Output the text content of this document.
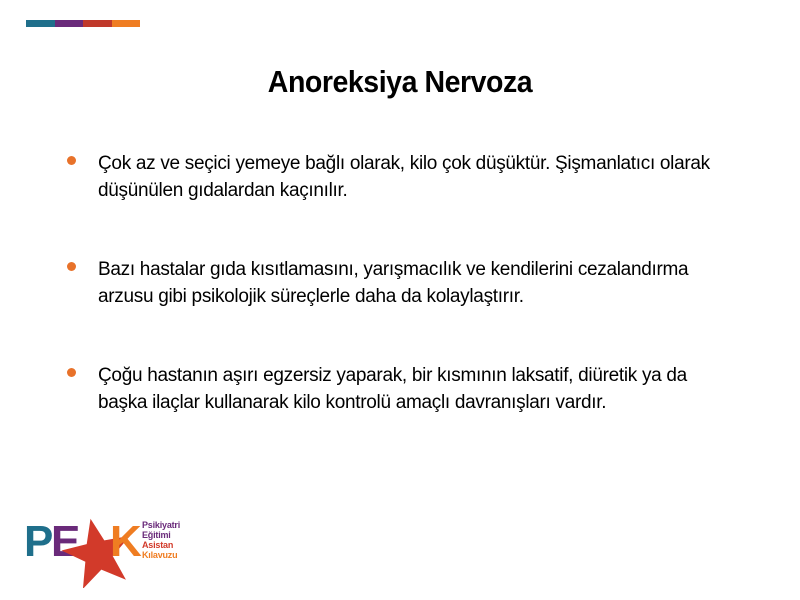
Anoreksiya Nervoza
Çok az ve seçici yemeye bağlı olarak, kilo çok düşüktür. Şişmanlatıcı olarak düşünülen gıdalardan kaçınılır.
Bazı hastalar gıda kısıtlamasını, yarışmacılık ve kendilerini cezalandırma arzusu gibi psikolojik süreçlerle daha da kolaylaştırır.
Çoğu hastanın aşırı egzersiz yaparak, bir kısmının laksatif, diüretik ya da başka ilaçlar kullanarak kilo kontrolü amaçlı davranışları vardır.
P E K Psikiyatri
Eğitimi
Asistan
Kılavuzu
